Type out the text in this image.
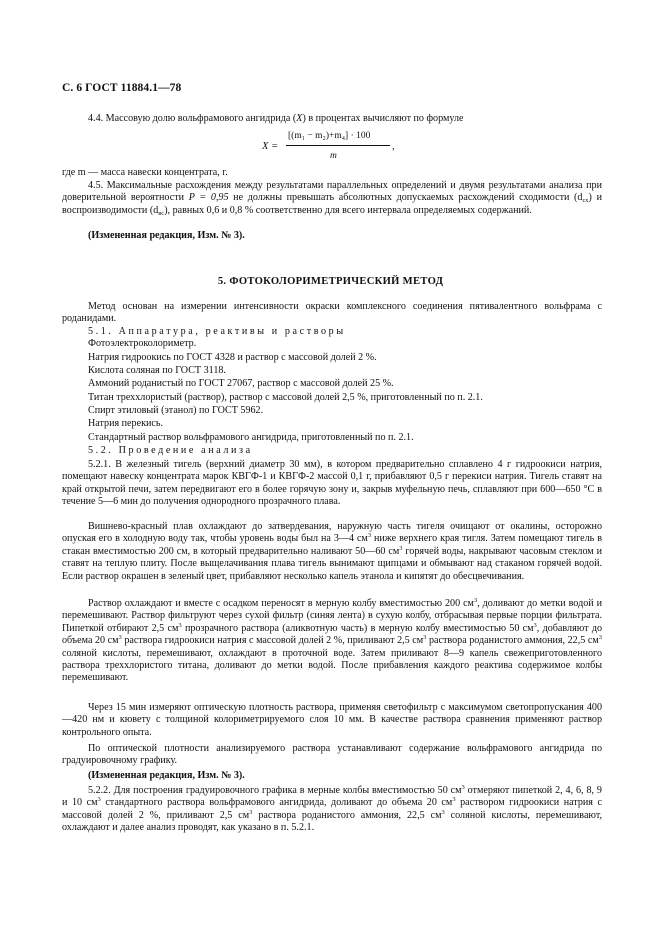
С. 6 ГОСТ 11884.1—78

4.4. Массовую долю вольфрамового ангидрида (X) в процентах вычисляют по формуле

X =
[(m₁ − m₂)+m₄] · 100
m
,

где m — масса навески концентрата, г.

4.5. Максимальные расхождения между результатами параллельных определений и двумя результатами анализа при доверительной вероятности P = 0,95 не должны превышать абсолютных допускаемых расхождений сходимости $(d_{сх})$ и воспроизводимости $(d_{вс})$, равных 0,6 и 0,8 % соответственно для всего интервала определяемых содержаний.

(Измененная редакция, Изм. № 3).

5. ФОТОКОЛОРИМЕТРИЧЕСКИЙ МЕТОД

Метод основан на измерении интенсивности окраски комплексного соединения пятивалентного вольфрама с роданидами.

5.1. Аппаратура, реактивы и растворы

Фотоэлектроколориметр.

Натрия гидроокись по ГОСТ 4328 и раствор с массовой долей 2 %.

Кислота соляная по ГОСТ 3118.

Аммоний роданистый по ГОСТ 27067, раствор с массовой долей 25 %.

Титан треххлористый (раствор), раствор с массовой долей 2,5 %, приготовленный по п. 2.1.

Спирт этиловый (этанол) по ГОСТ 5962.

Натрия перекись.

Стандартный раствор вольфрамового ангидрида, приготовленный по п. 2.1.

5.2. Проведение анализа

5.2.1. В железный тигель (верхний диаметр 30 мм), в котором предварительно сплавлено 4 г гидроокиси натрия, помещают навеску концентрата марок КВГФ-1 и КВГФ-2 массой 0,1 г, прибавляют 0,5 г перекиси натрия. Тигель ставят на край открытой печи, затем передвигают его в более горячую зону и, закрыв муфельную печь, сплавляют при 600—650 °С в течение 5—6 мин до получения однородного прозрачного плава.

Вишнево-красный плав охлаждают до затвердевания, наружную часть тигеля очищают от окалины, осторожно опуская его в холодную воду так, чтобы уровень воды был на 3—4 $см^3$ ниже верхнего края тигля. Затем помещают тигель в стакан вместимостью 200 см, в который предварительно наливают 50—60 $см^3$ горячей воды, накрывают часовым стеклом и ставят на теплую плиту. После выщелачивания плава тигель вынимают щипцами и обмывают над стаканом горячей водой. Если раствор окрашен в зеленый цвет, прибавляют несколько капель этанола и кипятят до обесцвечивания.

Раствор охлаждают и вместе с осадком переносят в мерную колбу вместимостью 200 $см^3$, доливают до метки водой и перемешивают. Раствор фильтруют через сухой фильтр (синяя лента) в сухую колбу, отбрасывая первые порции фильтрата. Пипеткой отбирают 2,5 $см^3$ прозрачного раствора (аликвотную часть) в мерную колбу вместимостью 50 $см^3$, добавляют до объема 20 $см^3$ раствора гидроокиси натрия с массовой долей 2 %, приливают 2,5 $см^3$ раствора роданистого аммония, 22,5 $см^3$ соляной кислоты, перемешивают, охлаждают в проточной воде. Затем приливают 8—9 капель свежеприготовленного раствора треххлористого титана, доливают до метки водой. После прибавления каждого реактива содержимое колбы перемешивают.

Через 15 мин измеряют оптическую плотность раствора, применяя светофильтр с максимумом светопропускания 400—420 нм и кювету с толщиной колориметрируемого слоя 10 мм. В качестве раствора сравнения применяют раствор контрольного опыта.

По оптической плотности анализируемого раствора устанавливают содержание вольфрамового ангидрида по градуировочному графику.

(Измененная редакция, Изм. № 3).

5.2.2. Для построения градуировочного графика в мерные колбы вместимостью 50 $см^3$ отмеряют пипеткой 2, 4, 6, 8, 9 и 10 $см^3$ стандартного раствора вольфрамового ангидрида, доливают до объема 20 $см^3$ раствором гидроокиси натрия с массовой долей 2 %, приливают 2,5 $см^3$ раствора роданистого аммония, 22,5 $см^3$ соляной кислоты, перемешивают, охлаждают и далее анализ проводят, как указано в п. 5.2.1.
